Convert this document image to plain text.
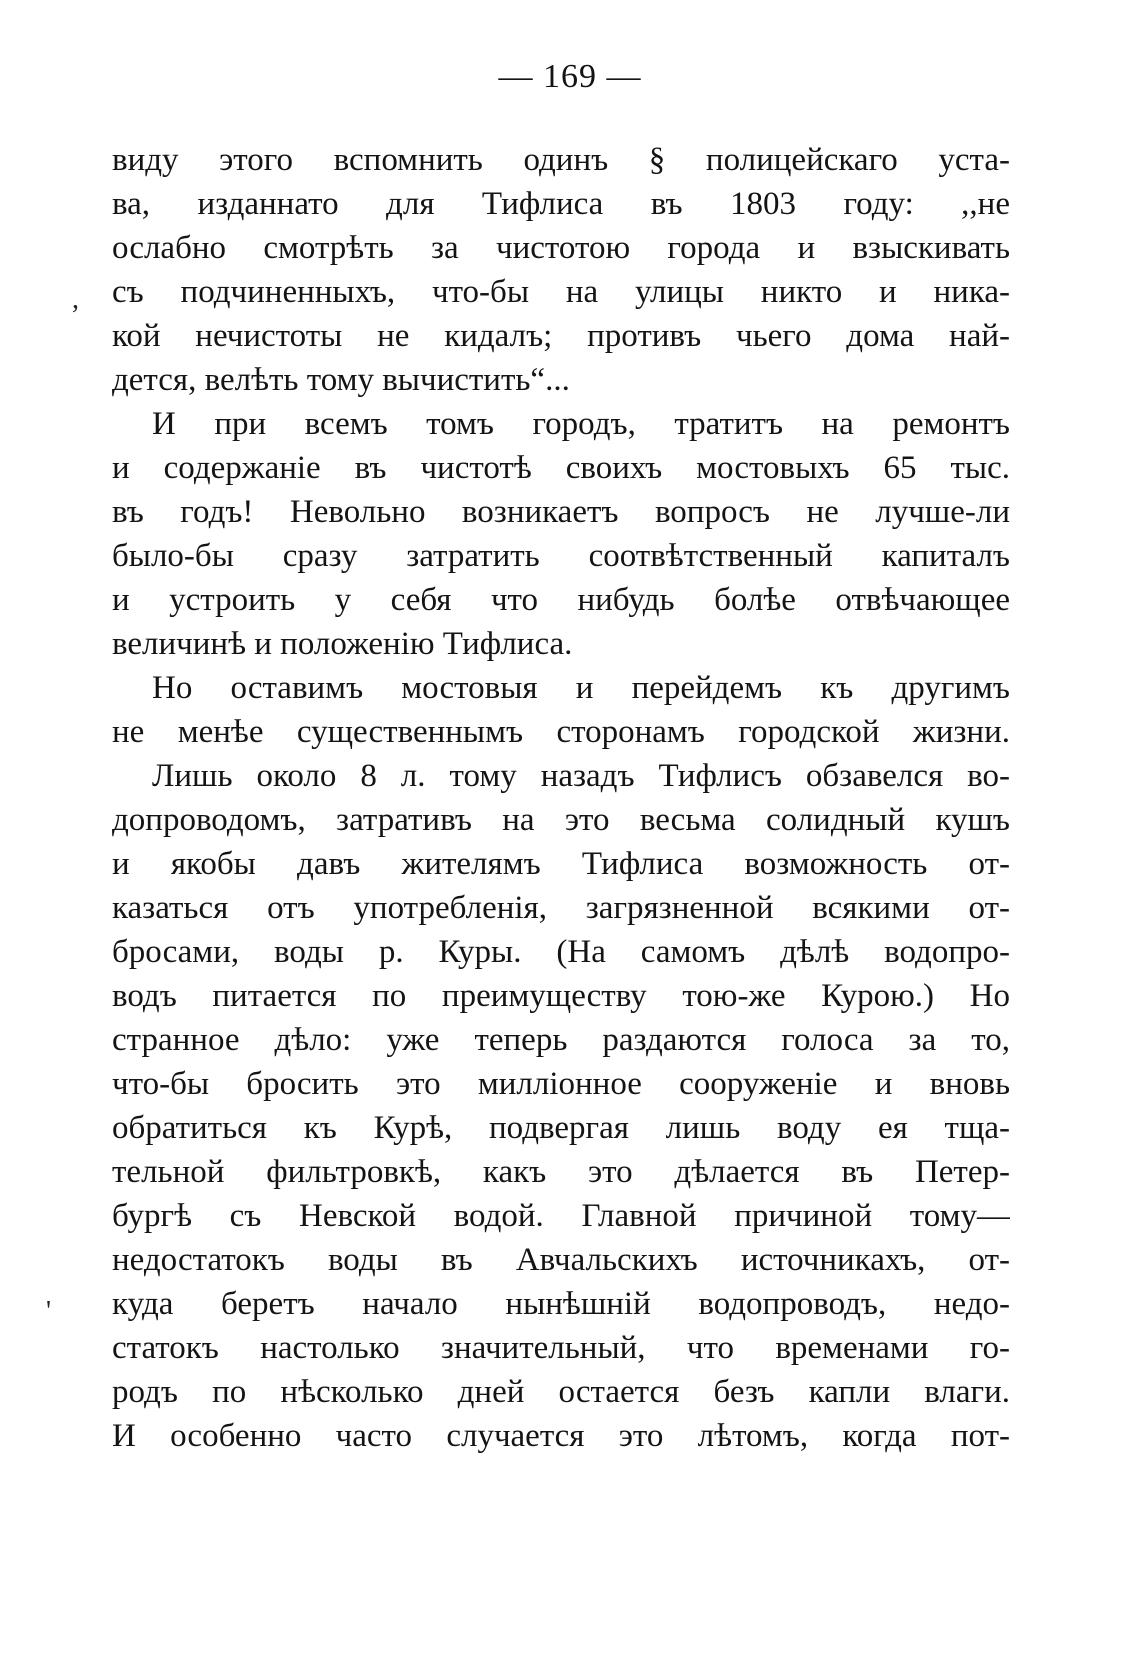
— 169 —
,
'
виду этого вспомнить одинъ § полицейскаго уста-
ва, изданнато для Тифлиса въ 1803 году: ,,не
ослабно смотрѣть за чистотою города и взыскивать
съ подчиненныхъ, что-бы на улицы никто и ника-
кой нечистоты не кидалъ; противъ чьего дома най-
дется, велѣть тому вычистить“...
И при всемъ томъ городъ, тратитъ на ремонтъ
и содержаніе въ чистотѣ своихъ мостовыхъ 65 тыс.
въ годъ! Невольно возникаетъ вопросъ не лучше-ли
было-бы сразу затратить соотвѣтственный капиталъ
и устроить у себя что нибудь болѣе отвѣчающее
величинѣ и положенію Тифлиса.
Но оставимъ мостовыя и перейдемъ къ другимъ
не менѣе существеннымъ сторонамъ городской жизни.
Лишь около 8 л. тому назадъ Тифлисъ обзавелся во-
допроводомъ, затративъ на это весьма солидный кушъ
и якобы давъ жителямъ Тифлиса возможность от-
казаться отъ употребленія, загрязненной всякими от-
бросами, воды р. Куры. (На самомъ дѣлѣ водопро-
водъ питается по преимуществу тою-же Курою.) Но
странное дѣло: уже теперь раздаются голоса за то,
что-бы бросить это милліонное сооруженіе и вновь
обратиться къ Курѣ, подвергая лишь воду ея тща-
тельной фильтровкѣ, какъ это дѣлается въ Петер-
бургѣ съ Невской водой. Главной причиной тому—
недостатокъ воды въ Авчальскихъ источникахъ, от-
куда беретъ начало нынѣшній водопроводъ, недо-
статокъ настолько значительный, что временами го-
родъ по нѣсколько дней остается безъ капли влаги.
И особенно часто случается это лѣтомъ, когда пот-
